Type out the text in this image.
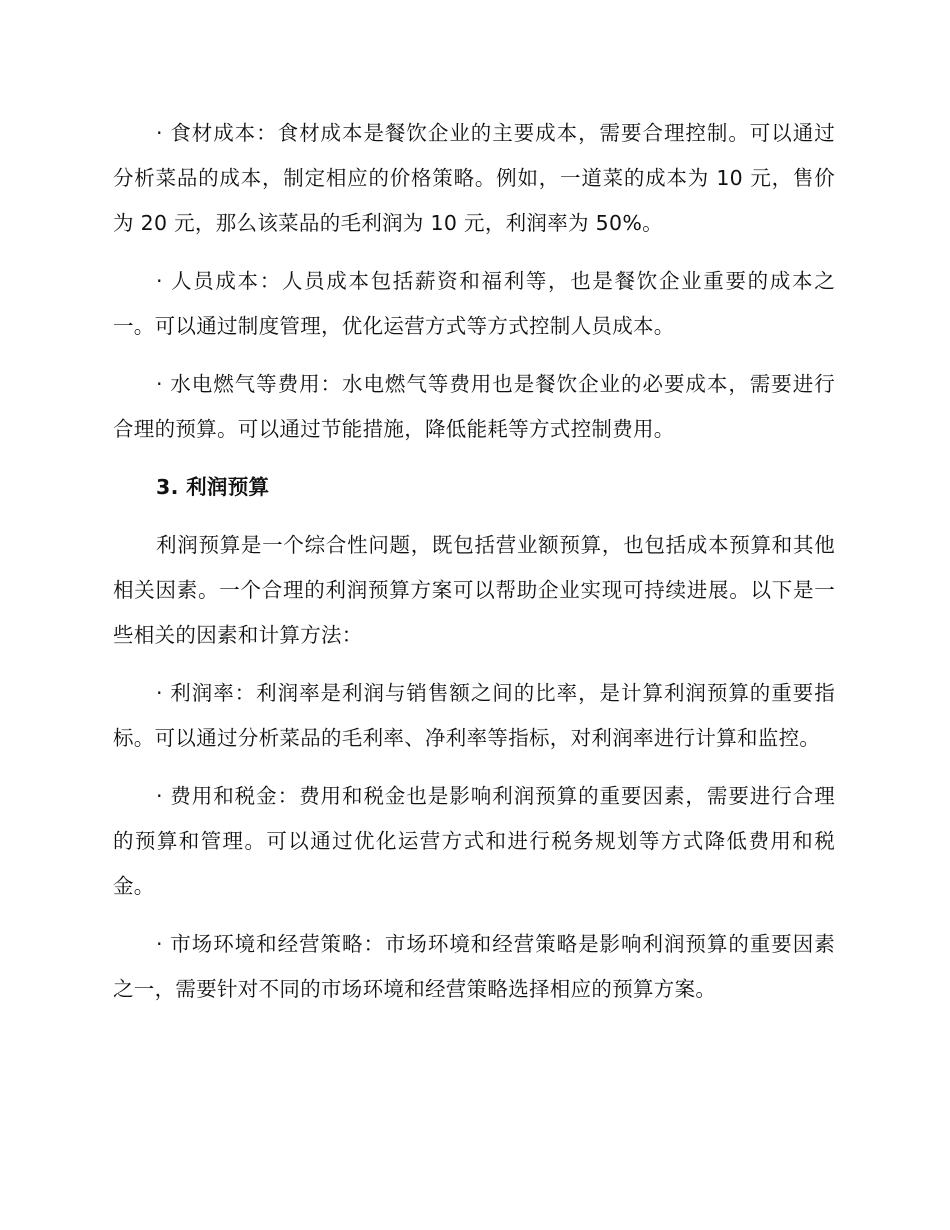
· 食材成本：食材成本是餐饮企业的主要成本，需要合理控制。可以通过分析菜品的成本，制定相应的价格策略。例如，一道菜的成本为 10 元，售价为 20 元，那么该菜品的毛利润为 10 元，利润率为 50%。

· 人员成本：人员成本包括薪资和福利等，也是餐饮企业重要的成本之一。可以通过制度管理，优化运营方式等方式控制人员成本。

· 水电燃气等费用：水电燃气等费用也是餐饮企业的必要成本，需要进行合理的预算。可以通过节能措施，降低能耗等方式控制费用。

3. 利润预算

利润预算是一个综合性问题，既包括营业额预算，也包括成本预算和其他相关因素。一个合理的利润预算方案可以帮助企业实现可持续进展。以下是一些相关的因素和计算方法：

· 利润率：利润率是利润与销售额之间的比率，是计算利润预算的重要指标。可以通过分析菜品的毛利率、净利率等指标，对利润率进行计算和监控。

· 费用和税金：费用和税金也是影响利润预算的重要因素，需要进行合理的预算和管理。可以通过优化运营方式和进行税务规划等方式降低费用和税金。

· 市场环境和经营策略：市场环境和经营策略是影响利润预算的重要因素之一，需要针对不同的市场环境和经营策略选择相应的预算方案。
